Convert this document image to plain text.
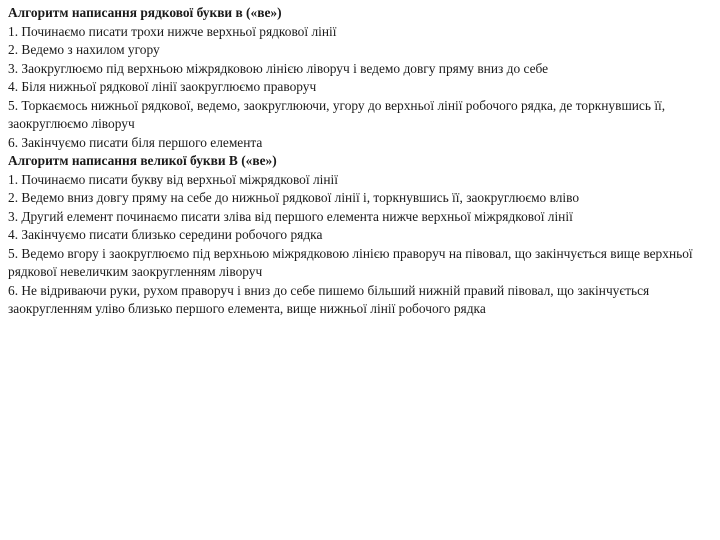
Алгоритм написання рядкової букви в («ве»)

1. Починаємо писати трохи нижче верхньої рядкової лінії

2. Ведемо з нахилом угору

3. Заокруглюємо під верхньою міжрядковою лінією ліворуч і ведемо довгу пряму вниз до себе

4. Біля нижньої рядкової лінії заокруглюємо праворуч

5. Торкаємось нижньої рядкової, ведемо, заокруглюючи, угору до верхньої лінії робочого рядка, де торкнувшись її, заокруглюємо ліворуч

6. Закінчуємо писати біля першого елемента

Алгоритм написання великої букви В («ве»)

1. Починаємо писати букву від верхньої міжрядкової лінії

2. Ведемо вниз довгу пряму на себе до нижньої рядкової лінії і, торкнувшись її, заокруглюємо вліво

3. Другий елемент починаємо писати зліва від першого елемента нижче верхньої міжрядкової лінії

4. Закінчуємо писати близько середини робочого рядка

5. Ведемо вгору і заокруглюємо під верхньою міжрядковою лінією праворуч на півовал, що закінчується вище верхньої рядкової невеличким заокругленням ліворуч

6. Не відриваючи руки, рухом праворуч і вниз до себе пишемо більший нижній правий півовал, що закінчується заокругленням уліво близько першого елемента, вище нижньої лінії робочого рядка
